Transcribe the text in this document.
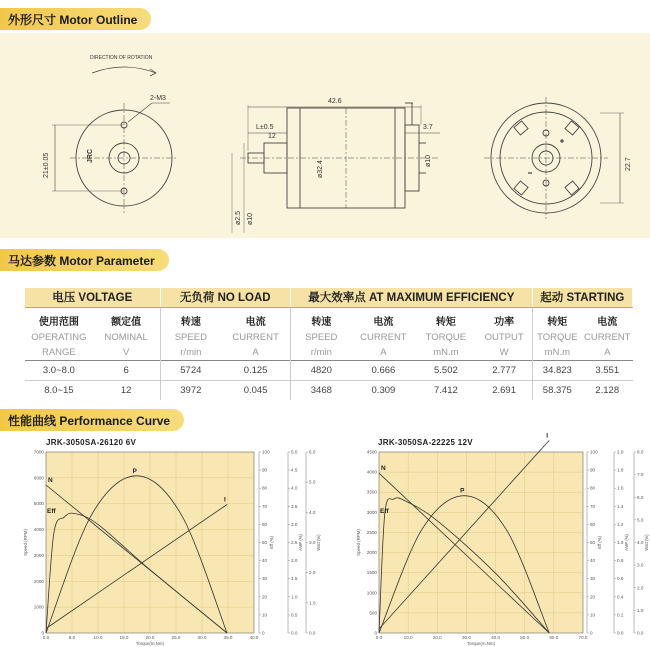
外形尺寸 Motor Outline
DIRECTION OF ROTATION
2-M3
21±0.05	JRC
42.6
L±0.5	3.7
ø2.5 ø10
ø32.4	ø10
12
22.7
马达参数 Motor Parameter
电压 VOLTAGE		无负荷 NO LOAD		最大效率点 AT MAXIMUM EFFICIENCY				起动 STARTING	
使用范围	额定值	转速	电流	转速	电流	转矩	功率	转矩	电流
OPERATING	NOMINAL	SPEED	CURRENT	SPEED	CURRENT	TORQUE	OUTPUT	TORQUE	CURRENT
RANGE	V	r/min	A	r/min	A	mN.m	W	mN.m	A
3.0~8.0	6	5724	0.125	4820	0.666	5.502	2.777	34.823	3.551
8.0~15	12	3972	0.045	3468	0.309	7.412	2.691	58.375	2.128
性能曲线 Performance Curve
JRK-3050SA-26120 6V	JRK-3050SA-22225 12V
0
1000
2000
3000
4000
5000
6000
7000
0.0	5.0	10.0	15.0	20.0	25.0	30.0	35.0	40.0
0
10
20
30
40
50
60
70
80
90
100
Eff (%)
0.0
0.5
1.0
1.5
2.0
2.5
3.0
3.5
4.0
4.5
5.0
AMP (%)
0.0
1.0
2.0
3.0
4.0
5.0
6.0
Watt (%)
Speed (RPM)
Torque(m.Nm)
N
P
I
Eff
0
500
1000
1500
2000
2500
3000
3500
4000
4500
0.0	10.0	20.0	30.0	40.0	50.0	60.0	70.0
0
10
20
30
40
50
60
70
80
90
100
Eff (%)
0.0
0.2
0.4
0.6
0.8
1.0
1.2
1.4
1.6
1.8
2.0
AMP (%)
0.0
1.0
2.0
3.0
4.0
5.0
6.0
7.0
8.0
Watt (%)
Speed (RPM)
Torque(m.Nm)
N
P
I
Eff
